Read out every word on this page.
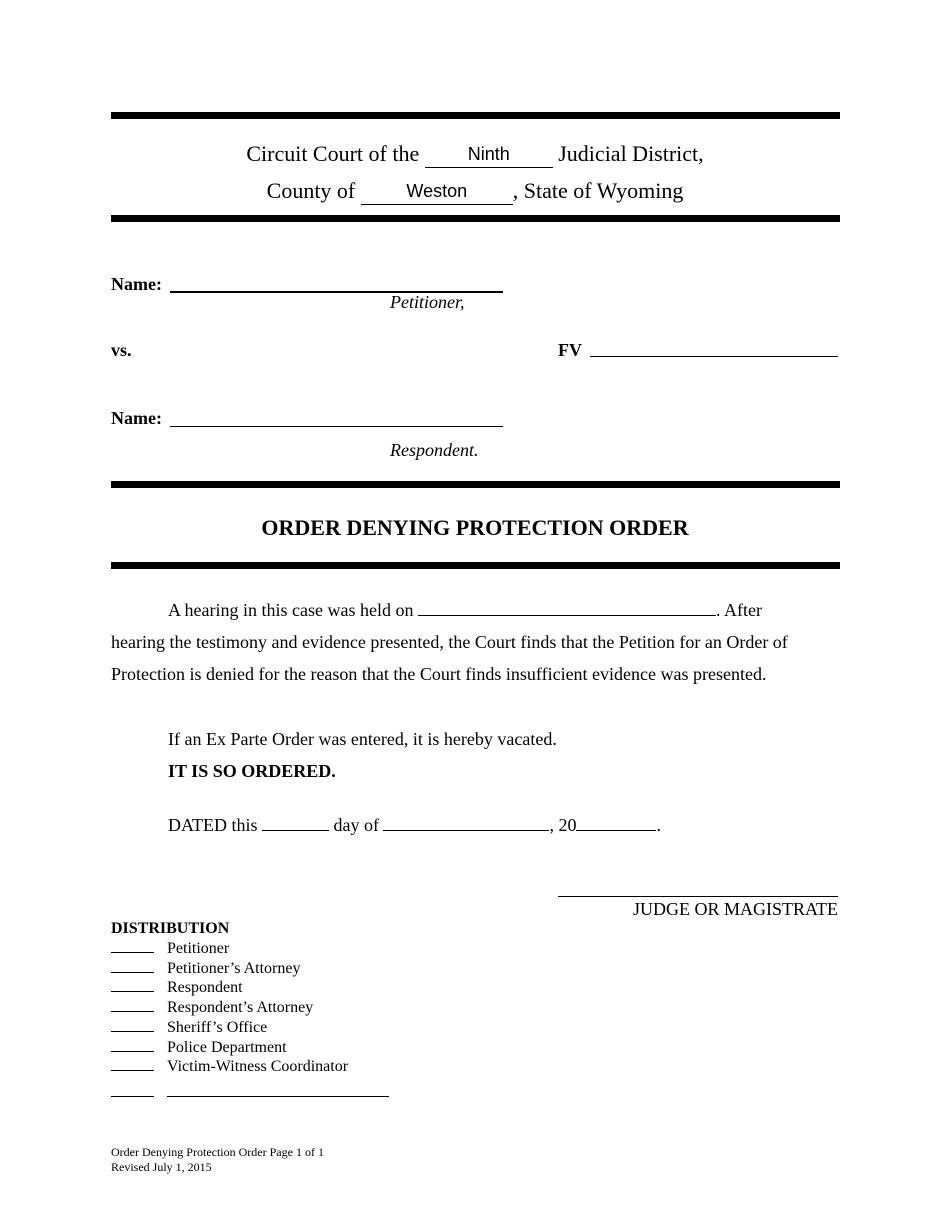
Circuit Court of the	Ninth	Judicial District,
County of	Weston	, State of Wyoming
Name:
Petitioner,
vs.	FV
Name:
Respondent.
ORDER DENYING PROTECTION ORDER
A hearing in this case was held on	. After
hearing the testimony and evidence presented, the Court finds that the Petition for an Order of
Protection is denied for the reason that the Court finds insufficient evidence was presented.
If an Ex Parte Order was entered, it is hereby vacated.
IT IS SO ORDERED.
DATED this	day of	, 20	.
JUDGE OR MAGISTRATE
DISTRIBUTION
Petitioner
Petitioner’s Attorney
Respondent
Respondent’s Attorney
Sheriff’s Office
Police Department
Victim-Witness Coordinator
Order Denying Protection Order Page 1 of 1
Revised July 1, 2015
